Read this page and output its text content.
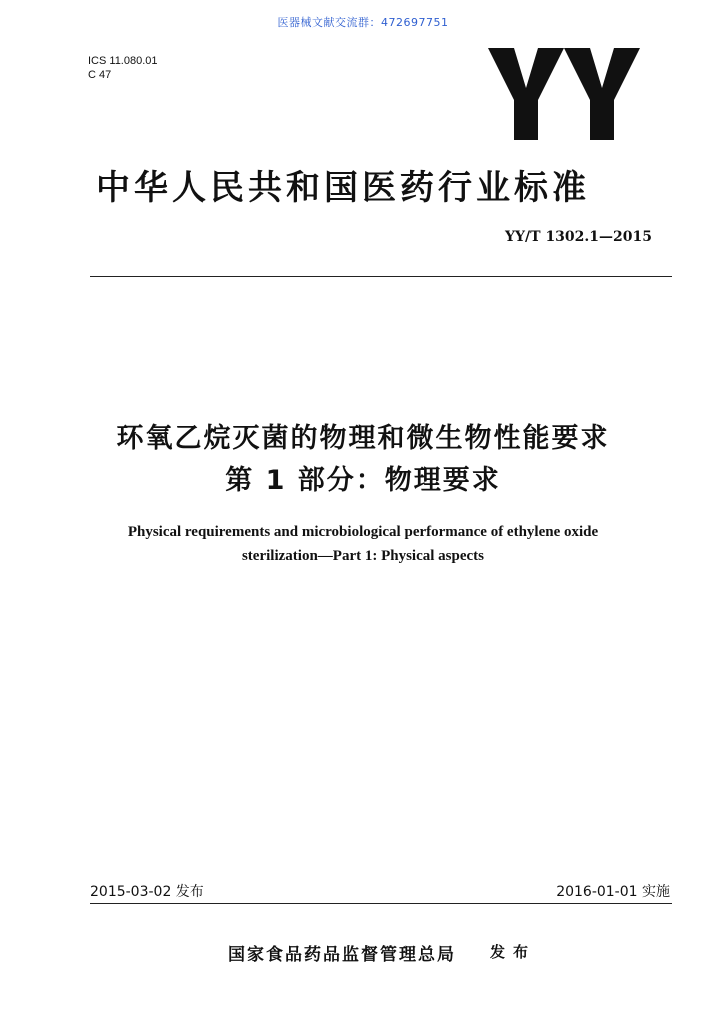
医器械文献交流群：472697751
ICS 11.080.01
C 47
中华人民共和国医药行业标准
YY/T 1302.1—2015
环氧乙烷灭菌的物理和微生物性能要求
第 1 部分：物理要求
Physical requirements and microbiological performance of ethylene oxide
sterilization—Part 1: Physical aspects
2015-03-02 发布	2016-01-01 实施
国家食品药品监督管理总局 发布
